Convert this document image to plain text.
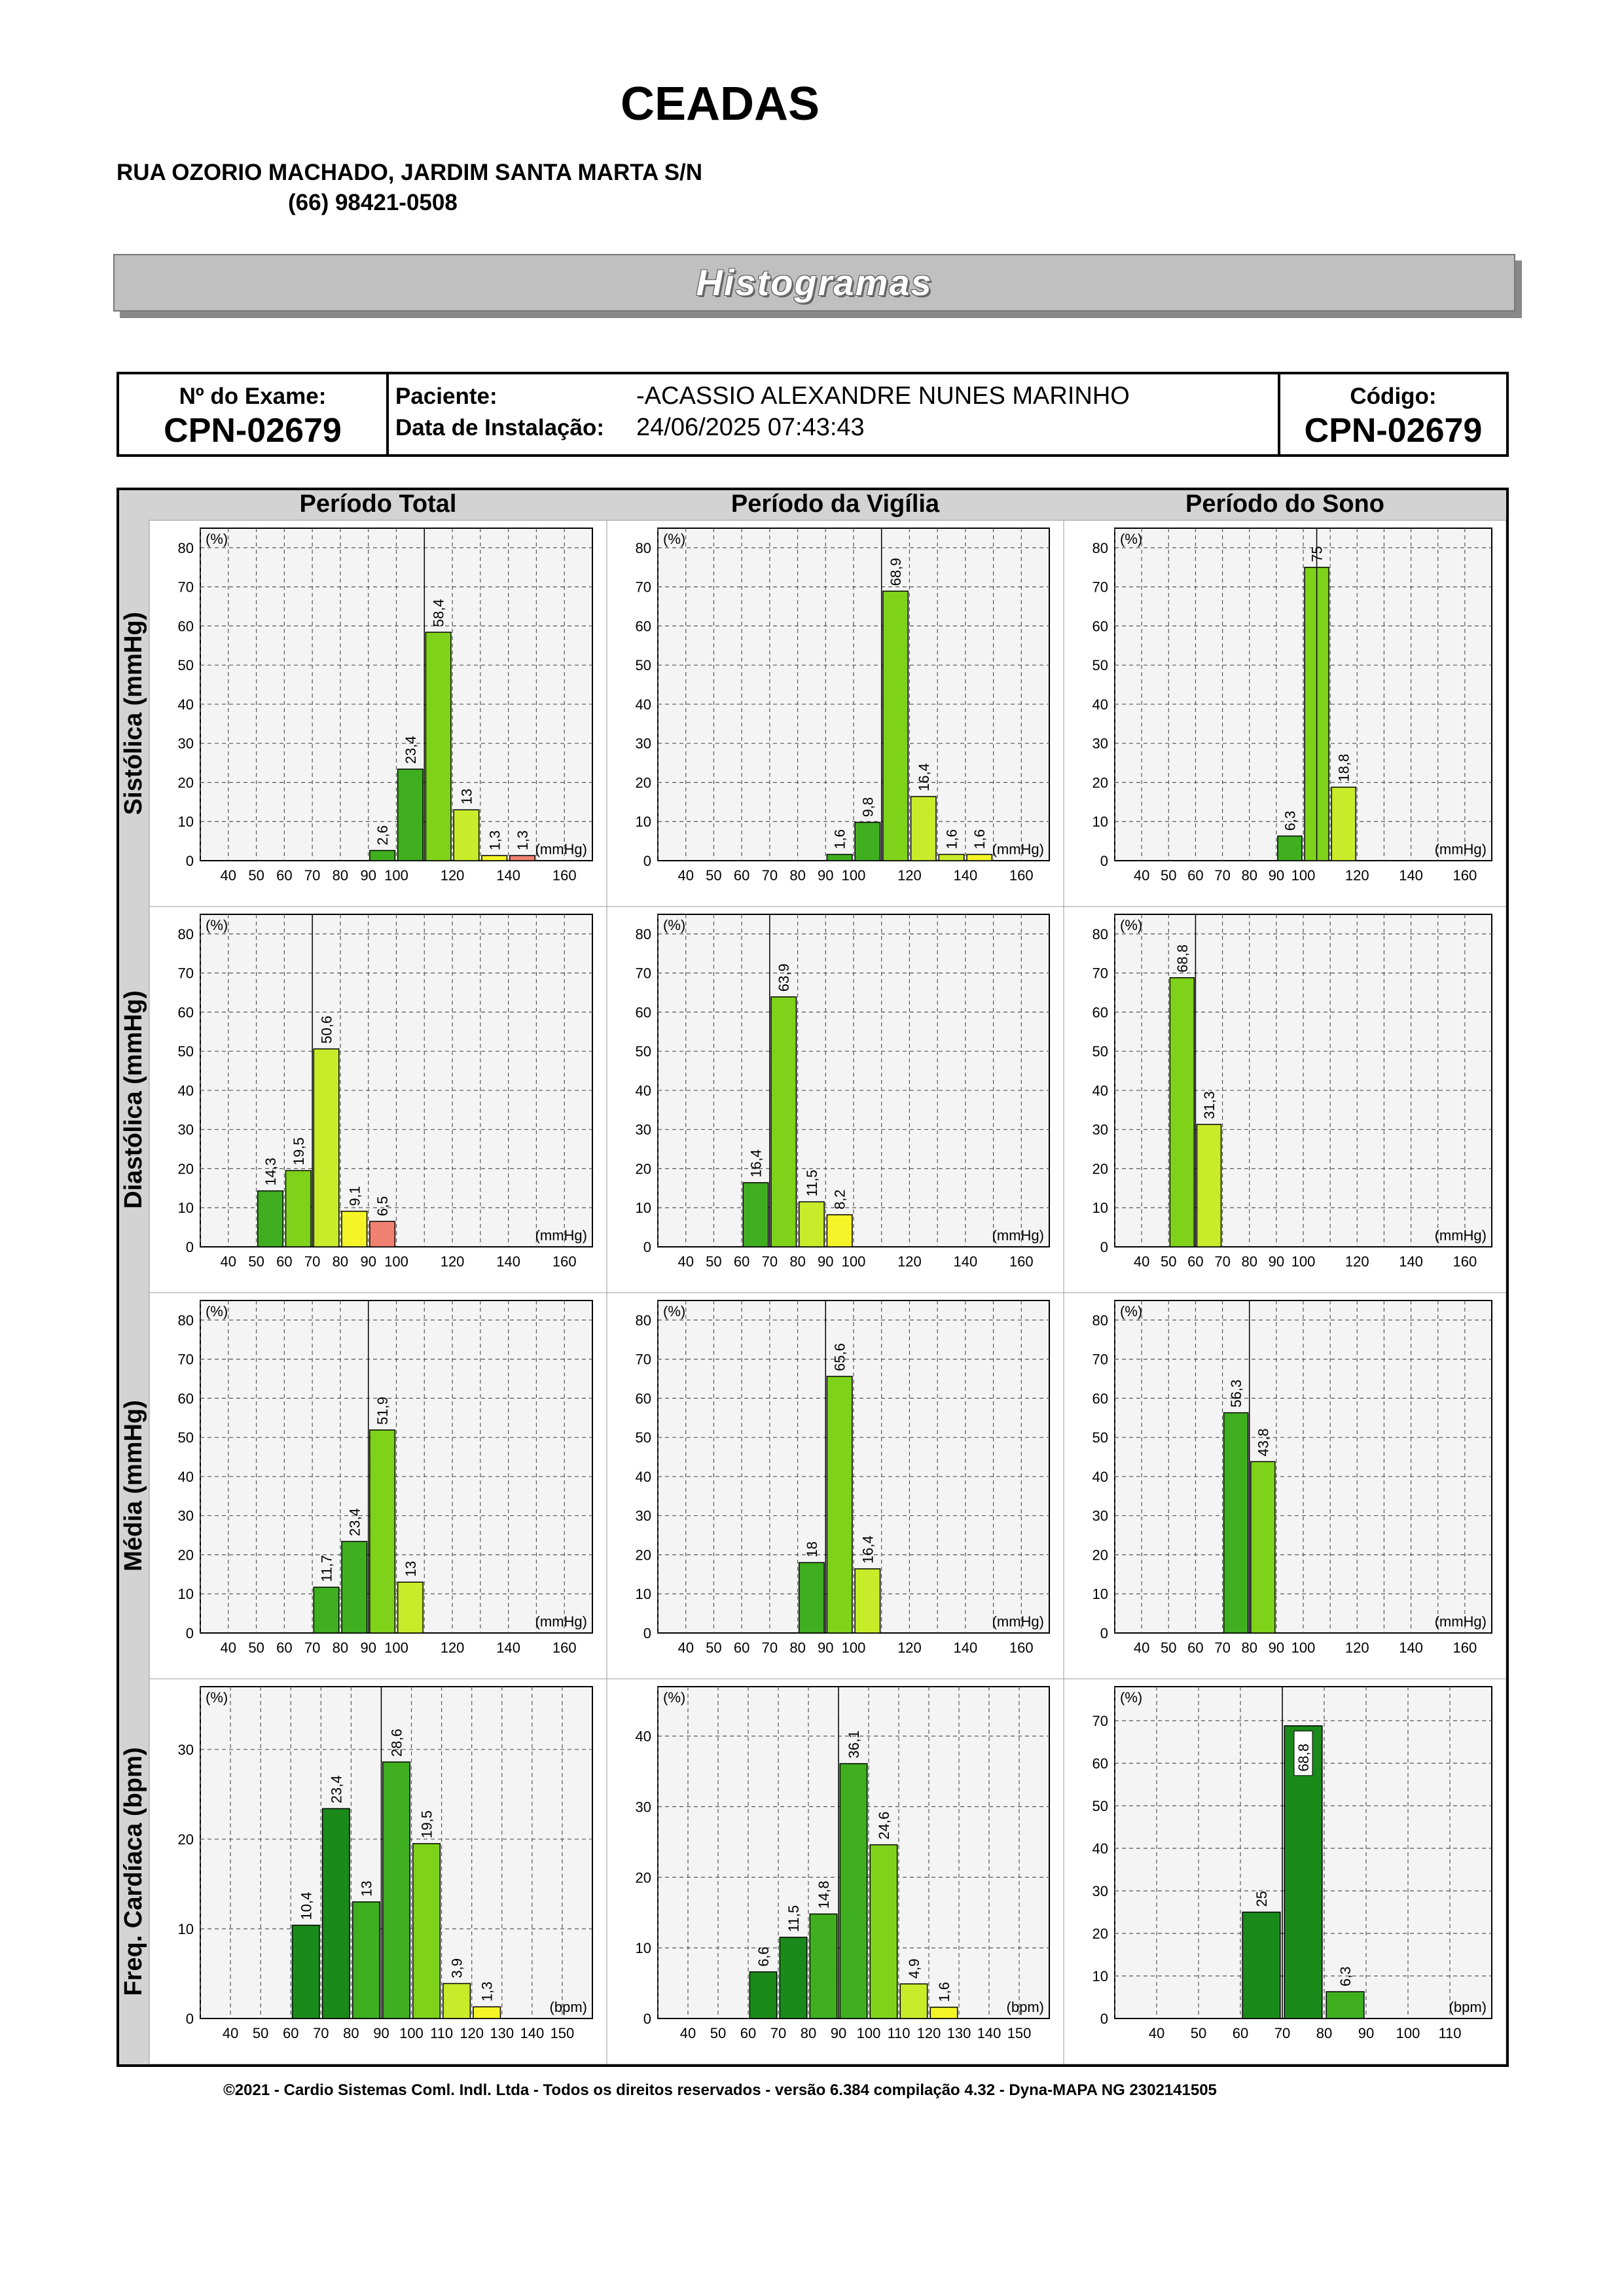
CEADAS
RUA OZORIO MACHADO, JARDIM SANTA MARTA S/N
(66) 98421-0508
Histogramas
Nº do Exame:
CPN-02679
Paciente:	-ACASSIO ALEXANDRE NUNES MARINHO
Data de Instalação: 24/06/2025 07:43:43
Código:
CPN-02679
Período Total	Período da Vigília	Período do Sono
Sistólica (mmHg)
Diastólica (mmHg)
Média (mmHg)
Freq. Cardíaca (bpm)
0
10
20
30
40
50
60
70
80
40 50 60 70 80 90 100 120 140 160
(%)
(mmHg)
2,6
23,4
58,4
13
1,3 1,3
0
10
20
30
40
50
60
70
80
40 50 60 70 80 90 100 120 140 160
(%)
(mmHg)
1,6
9,8
68,9
16,4
1,6 1,6
0
10
20
30
40
50
60
70
80
40 50 60 70 80 90 100 120 140 160
(%)
(mmHg)
6,3
75
18,8
0
10
20
30
40
50
60
70
80
40 50 60 70 80 90 100 120 140 160
(%)
(mmHg)
14,3
19,5
50,6
9,1
6,5
0
10
20
30
40
50
60
70
80
40 50 60 70 80 90 100 120 140 160
(%)
(mmHg)
16,4
63,9
11,5
8,2
0
10
20
30
40
50
60
70
80
40 50 60 70 80 90 100 120 140 160
(%)
(mmHg)
68,8
31,3
0
10
20
30
40
50
60
70
80
40 50 60 70 80 90 100 120 140 160
(%)
(mmHg)
11,7
23,4
51,9
13
0
10
20
30
40
50
60
70
80
40 50 60 70 80 90 100 120 140 160
(%)
(mmHg)
18
65,6
16,4
0
10
20
30
40
50
60
70
80
40 50 60 70 80 90 100 120 140 160
(%)
(mmHg)
56,3
43,8
0
10
20
30
40 50 60 70 80 90 100 110 120 130 140 150
(%)
(bpm)
10,4
23,4
13
28,6
19,5
3,9
1,3
0
10
20
30
40
40 50 60 70 80 90 100 110 120 130 140 150
(%)
(bpm)
6,6
11,5
14,8
36,1
24,6
4,9
1,6
0
10
20
30
40
50
60
70
40 50 60 70 80 90 100 110
(%)
(bpm)
25
68,8
6,3
©2021 - Cardio Sistemas Coml. Indl. Ltda - Todos os direitos reservados - versão 6.384 compilação 4.32 - Dyna-MAPA NG 2302141505
